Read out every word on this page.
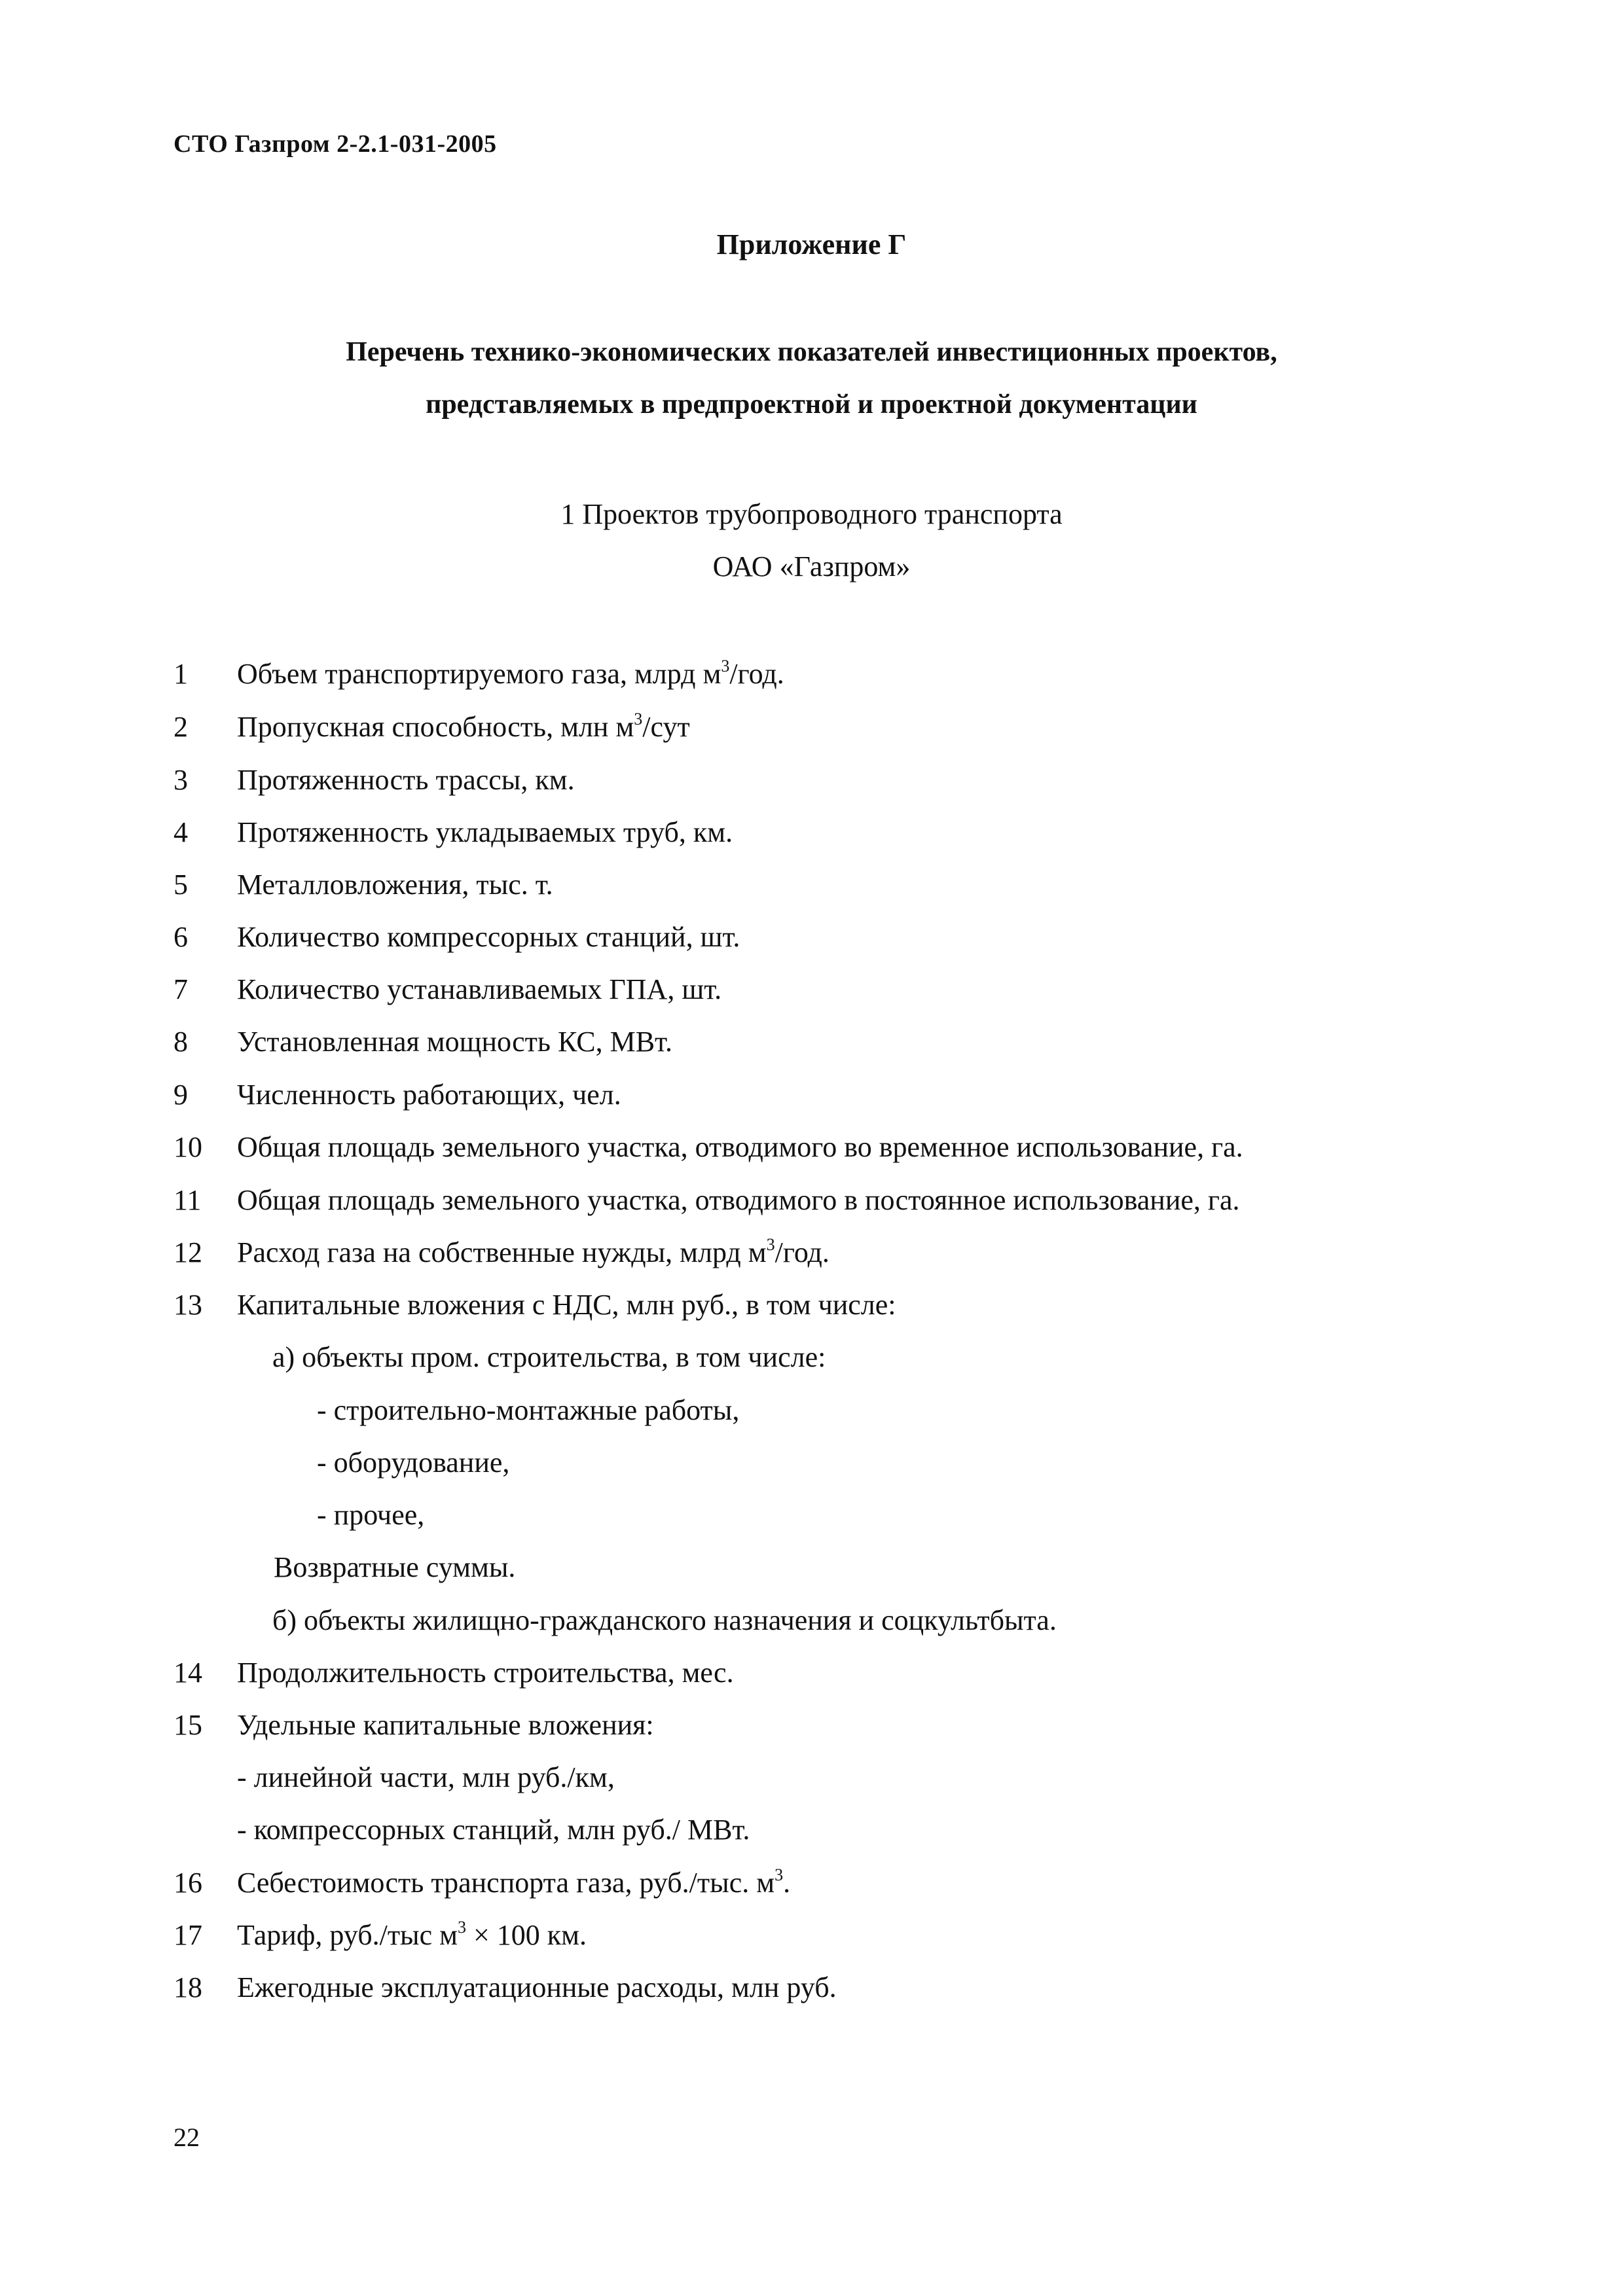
СТО Газпром 2-2.1-031-2005
Приложение Г
Перечень технико-экономических показателей инвестиционных проектов,
представляемых в предпроектной и проектной документации
1 Проектов трубопроводного транспорта
ОАО «Газпром»
1	Объем транспортируемого газа, млрд $м^3$/год.
2	Пропускная способность, млн $м^3$/сут
3	Протяженность трассы, км.
4	Протяженность укладываемых труб, км.
5	Металловложения, тыс. т.
6	Количество компрессорных станций, шт.
7	Количество устанавливаемых ГПА, шт.
8	Установленная мощность КС, МВт.
9	Численность работающих, чел.
10	Общая площадь земельного участка, отводимого во временное использование, га.
11	Общая площадь земельного участка, отводимого в постоянное использование, га.
12	Расход газа на собственные нужды, млрд $м^3$/год.
13	Капитальные вложения с НДС, млн руб., в том числе:
а) объекты пром. строительства, в том числе:
- строительно-монтажные работы,
- оборудование,
- прочее,
Возвратные суммы.
б) объекты жилищно-гражданского назначения и соцкультбыта.
14	Продолжительность строительства, мес.
15	Удельные капитальные вложения:
- линейной части, млн руб./км,
- компрессорных станций, млн руб./ МВт.
16	Себестоимость транспорта газа, руб./тыс. $м^3$.
17	Тариф, руб./тыс $м^3 \times 100$ км.
18	Ежегодные эксплуатационные расходы, млн руб.
22
